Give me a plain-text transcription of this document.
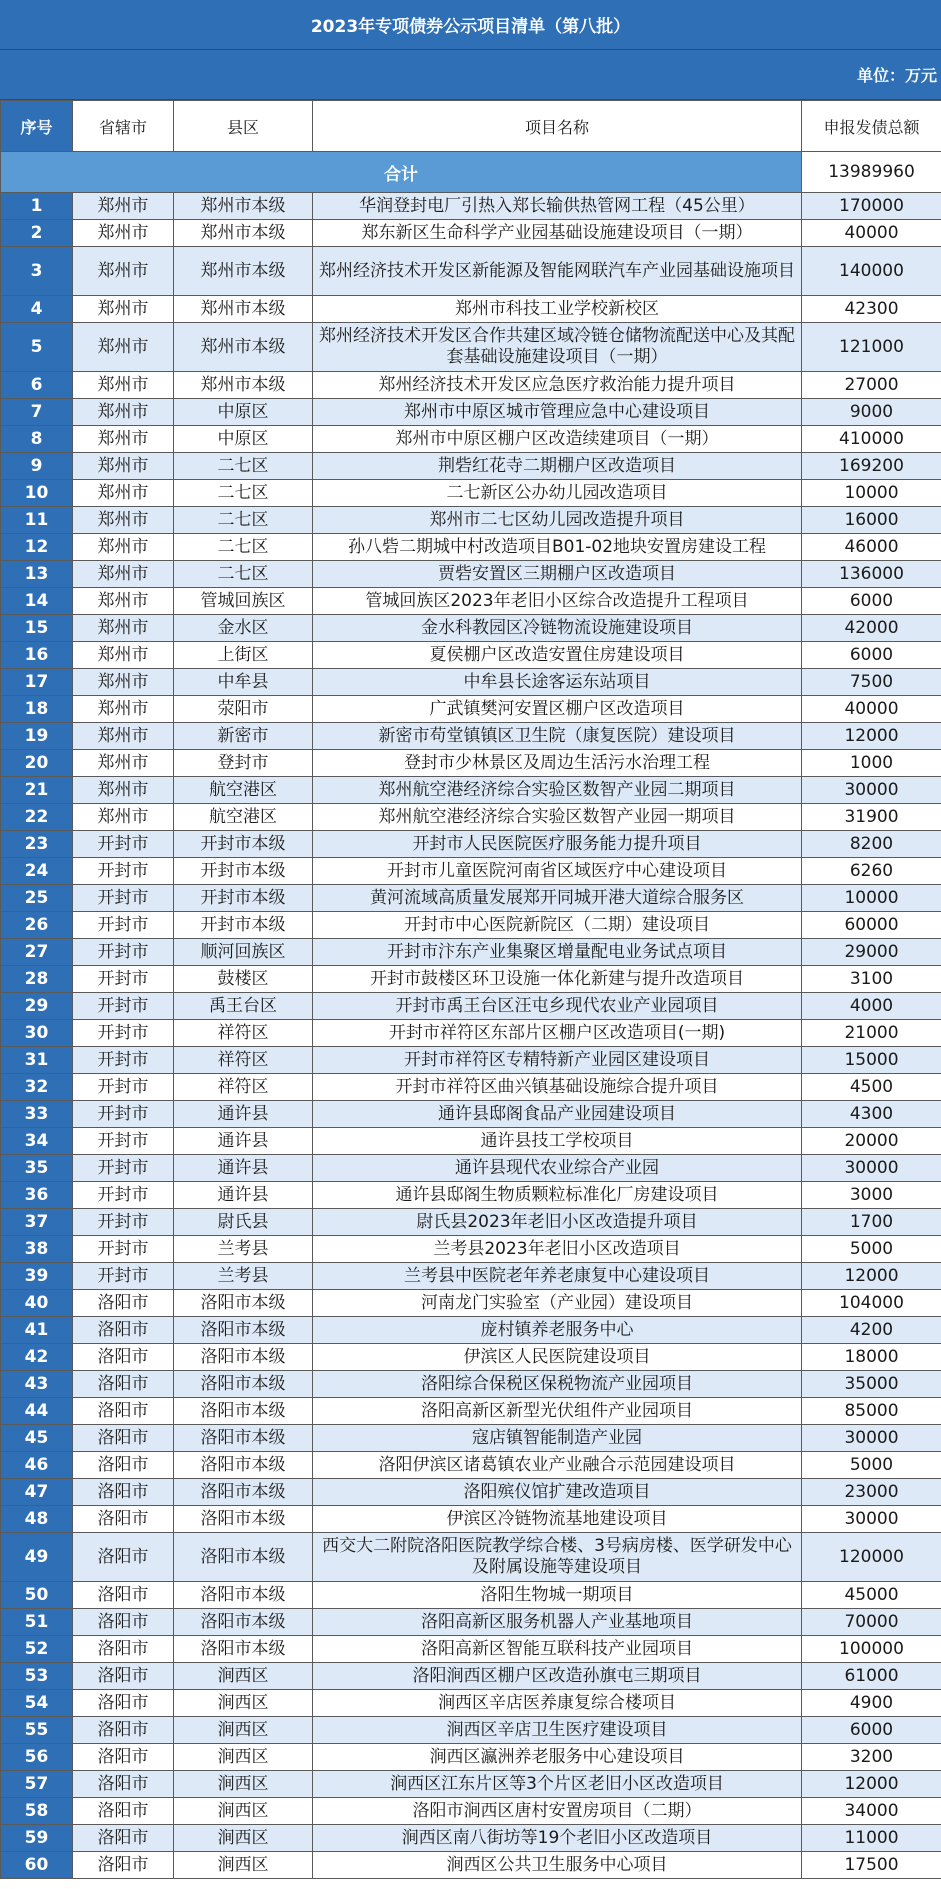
2023年专项债券公示项目清单（第八批）
单位：万元
序号	省辖市	县区	项目名称	申报发债总额
合计				13989960
1	郑州市	郑州市本级	华润登封电厂引热入郑长输供热管网工程（45公里）	170000
2	郑州市	郑州市本级	郑东新区生命科学产业园基础设施建设项目（一期）	40000
3	郑州市	郑州市本级	郑州经济技术开发区新能源及智能网联汽车产业园基础设施项目	140000
4	郑州市	郑州市本级	郑州市科技工业学校新校区	42300
5	郑州市	郑州市本级	郑州经济技术开发区合作共建区域冷链仓储物流配送中心及其配套基础设施建设项目（一期）	121000
6	郑州市	郑州市本级	郑州经济技术开发区应急医疗救治能力提升项目	27000
7	郑州市	中原区	郑州市中原区城市管理应急中心建设项目	9000
8	郑州市	中原区	郑州市中原区棚户区改造续建项目（一期）	410000
9	郑州市	二七区	荆砦红花寺二期棚户区改造项目	169200
10	郑州市	二七区	二七新区公办幼儿园改造项目	10000
11	郑州市	二七区	郑州市二七区幼儿园改造提升项目	16000
12	郑州市	二七区	孙八砦二期城中村改造项目B01-02地块安置房建设工程	46000
13	郑州市	二七区	贾砦安置区三期棚户区改造项目	136000
14	郑州市	管城回族区	管城回族区2023年老旧小区综合改造提升工程项目	6000
15	郑州市	金水区	金水科教园区冷链物流设施建设项目	42000
16	郑州市	上街区	夏侯棚户区改造安置住房建设项目	6000
17	郑州市	中牟县	中牟县长途客运东站项目	7500
18	郑州市	荥阳市	广武镇樊河安置区棚户区改造项目	40000
19	郑州市	新密市	新密市苟堂镇镇区卫生院（康复医院）建设项目	12000
20	郑州市	登封市	登封市少林景区及周边生活污水治理工程	1000
21	郑州市	航空港区	郑州航空港经济综合实验区数智产业园二期项目	30000
22	郑州市	航空港区	郑州航空港经济综合实验区数智产业园一期项目	31900
23	开封市	开封市本级	开封市人民医院医疗服务能力提升项目	8200
24	开封市	开封市本级	开封市儿童医院河南省区域医疗中心建设项目	6260
25	开封市	开封市本级	黄河流域高质量发展郑开同城开港大道综合服务区	10000
26	开封市	开封市本级	开封市中心医院新院区（二期）建设项目	60000
27	开封市	顺河回族区	开封市汴东产业集聚区增量配电业务试点项目	29000
28	开封市	鼓楼区	开封市鼓楼区环卫设施一体化新建与提升改造项目	3100
29	开封市	禹王台区	开封市禹王台区汪屯乡现代农业产业园项目	4000
30	开封市	祥符区	开封市祥符区东部片区棚户区改造项目(一期)	21000
31	开封市	祥符区	开封市祥符区专精特新产业园区建设项目	15000
32	开封市	祥符区	开封市祥符区曲兴镇基础设施综合提升项目	4500
33	开封市	通许县	通许县邸阁食品产业园建设项目	4300
34	开封市	通许县	通许县技工学校项目	20000
35	开封市	通许县	通许县现代农业综合产业园	30000
36	开封市	通许县	通许县邸阁生物质颗粒标准化厂房建设项目	3000
37	开封市	尉氏县	尉氏县2023年老旧小区改造提升项目	1700
38	开封市	兰考县	兰考县2023年老旧小区改造项目	5000
39	开封市	兰考县	兰考县中医院老年养老康复中心建设项目	12000
40	洛阳市	洛阳市本级	河南龙门实验室（产业园）建设项目	104000
41	洛阳市	洛阳市本级	庞村镇养老服务中心	4200
42	洛阳市	洛阳市本级	伊滨区人民医院建设项目	18000
43	洛阳市	洛阳市本级	洛阳综合保税区保税物流产业园项目	35000
44	洛阳市	洛阳市本级	洛阳高新区新型光伏组件产业园项目	85000
45	洛阳市	洛阳市本级	寇店镇智能制造产业园	30000
46	洛阳市	洛阳市本级	洛阳伊滨区诸葛镇农业产业融合示范园建设项目	5000
47	洛阳市	洛阳市本级	洛阳殡仪馆扩建改造项目	23000
48	洛阳市	洛阳市本级	伊滨区冷链物流基地建设项目	30000
49	洛阳市	洛阳市本级	西交大二附院洛阳医院教学综合楼、3号病房楼、医学研发中心及附属设施等建设项目	120000
50	洛阳市	洛阳市本级	洛阳生物城一期项目	45000
51	洛阳市	洛阳市本级	洛阳高新区服务机器人产业基地项目	70000
52	洛阳市	洛阳市本级	洛阳高新区智能互联科技产业园项目	100000
53	洛阳市	涧西区	洛阳涧西区棚户区改造孙旗屯三期项目	61000
54	洛阳市	涧西区	涧西区辛店医养康复综合楼项目	4900
55	洛阳市	涧西区	涧西区辛店卫生医疗建设项目	6000
56	洛阳市	涧西区	涧西区瀛洲养老服务中心建设项目	3200
57	洛阳市	涧西区	涧西区江东片区等3个片区老旧小区改造项目	12000
58	洛阳市	涧西区	洛阳市涧西区唐村安置房项目（二期）	34000
59	洛阳市	涧西区	涧西区南八街坊等19个老旧小区改造项目	11000
60	洛阳市	涧西区	涧西区公共卫生服务中心项目	17500
